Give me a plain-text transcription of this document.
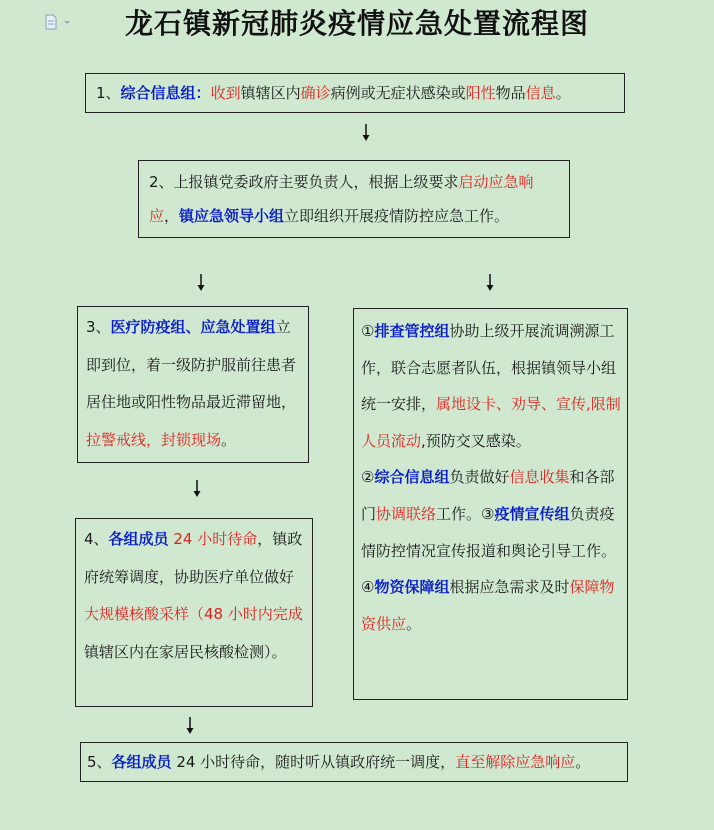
龙石镇新冠肺炎疫情应急处置流程图
1、综合信息组：收到镇辖区内确诊病例或无症状感染或阳性物品信息。
2、上报镇党委政府主要负责人，根据上级要求启动应急响应，镇应急领导小组立即组织开展疫情防控应急工作。
3、医疗防疫组、应急处置组立即到位，着一级防护服前往患者居住地或阳性物品最近滞留地，拉警戒线，封锁现场。
4、各组成员 24 小时待命，镇政府统筹调度，协助医疗单位做好大规模核酸采样（48 小时内完成镇辖区内在家居民核酸检测）。
5、各组成员 24 小时待命，随时听从镇政府统一调度，直至解除应急响应。
①排查管控组协助上级开展流调溯源工作，联合志愿者队伍，根据镇领导小组统一安排，属地设卡、劝导、宣传,限制人员流动,预防交叉感染。
②综合信息组负责做好信息收集和各部门协调联络工作。③疫情宣传组负责疫情防控情况宣传报道和舆论引导工作。④物资保障组根据应急需求及时保障物资供应。
